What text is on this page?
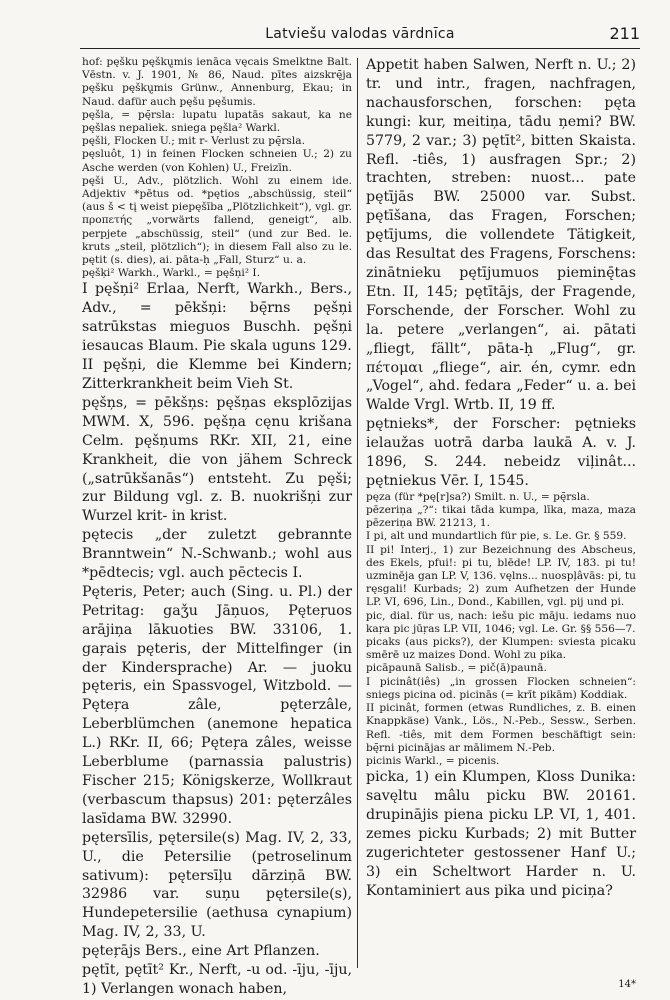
Latviešu valodas vārdnīca	211

hof: pęšku pęšku̢mis ienāca vęcais Smelktne Balt. Vēstn. v. J. 1901, № 86, Naud. pītes aizskrę̄ja pęšku pęšku̢mis Grünw., Annenburg, Ekau; in Naud. dafür auch pęšu pęšumis.

pęšla, = pę̄rsla: lupatu lupatās sakaut, ka ne pęšlas nepaliek. sniega pęšla² Warkl.

pęšli, Flocken U.; mit r- Verlust zu pę̄rsla.

pęsluôt, 1) in feinen Flocken schneien U.; 2) zu Asche werden (von Kohlen) U., Freizīn.

pęši U., Adv., plötzlich. Wohl zu einem ide. Adjektiv *pētus od. *pętios „abschüssig, steil“ (aus š < tį weist piepęšība „Plötzlichkeit“), vgl. gr. προπετής „vorwärts fallend, geneigt“, alb. perpjete „abschüssig, steil“ (und zur Bed. le. kruts „steil, plötzlich“); in diesem Fall also zu le. pętit (s. dies), ai. pāta-ḥ „Fall, Sturz“ u. a.

pęšķi² Warkh., Warkl., = pęšņi² I.

I pęšņi² Erlaa, Nerft, Warkh., Bers., Adv., = pēkšņi: bę̄rns pęšņi satrūkstas mieguos Buschh. pęšņi iesaucas Blaum. Pie skala uguns 129.

II pęšņi, die Klemme bei Kindern; Zitterkrankheit beim Vieh St.

pęšņs, = pēkšņs: pęšņas eksplōzijas MWM. X, 596. pęšņa cęnu krišana Celm. pęšņums RKr. XII, 21, eine Krankheit, die von jähem Schreck („satrūkšanās“) entsteht. Zu pęši; zur Bildung vgl. z. B. nuokrišņi zur Wurzel krit- in krist.

pętecis „der zuletzt gebrannte Branntwein“ N.-Schwanb.; wohl aus *pēdtecis; vgl. auch pēctecis I.

Pęteris, Peter; auch (Sing. u. Pl.) der Petritag: gaǯu Jāņuos, Pęteŗuos arājiņa lākuoties BW. 33106, 1. gaŗais pęteris, der Mittelfinger (in der Kindersprache) Ar. — juoku pęteris, ein Spassvogel, Witzbold. — Pęteŗa zâle, pęterzâle, Leberblümchen (anemone hepatica L.) RKr. II, 66; Pęteŗa zâles, weisse Leberblume (parnassia palustris) Fischer 215; Königskerze, Wollkraut (verbascum thapsus) 201: pęterzâles lasīdama BW. 32990.

pętersīlis, pętersile(s) Mag. IV, 2, 33, U., die Petersilie (petroselinum sativum): pętersīļu dārziņā BW. 32986 var. suņu pętersile(s), Hundepetersilie (aethusa cynapium) Mag. IV, 2, 33, U.

pęteŗājs Bers., eine Art Pflanzen.

pętīt, pętīt² Kr., Nerft, -u od. -īju, -īju, 1) Verlangen wonach haben,

Appetit haben Salwen, Nerft n. U.; 2) tr. und intr., fragen, nachfragen, nachausforschen, forschen: pęta kungi: kur, meitiņa, tādu ņemi? BW. 5779, 2 var.; 3) pętīt², bitten Skaista. Refl. -tiês, 1) ausfragen Spr.; 2) trachten, streben: nuost... pate pętījās BW. 25000 var. Subst. pętīšana, das Fragen, Forschen; pętījums, die vollendete Tätigkeit, das Resultat des Fragens, Forschens: zinātnieku pętījumuos pieminę̄tas Etn. II, 145; pętītājs, der Fragende, Forschende, der Forscher. Wohl zu la. petere „verlangen“, ai. pātati „fliegt, fällt“, pāta-ḥ „Flug“, gr. πέτομαι „fliege“, air. én, cymr. edn „Vogel“, ahd. fedara „Feder“ u. a. bei Walde Vrgl. Wrtb. II, 19 ff.

pętnieks*, der Forscher: pętnieks ielaužas uotrā darba laukā A. v. J. 1896, S. 244. nebeidz viļinât... pętniekus Vēr. I, 1545.

pęza (für *pę[r]sa?) Smilt. n. U., = pę̄rsla.

pēzeriņa „?“: tikai tāda kumpa, līka, maza, maza pēzeriņa BW. 21213, 1.

I pi, alt und mundartlich für pie, s. Le. Gr. § 559.

II pi! Interj., 1) zur Bezeichnung des Abscheus, des Ekels, pfui!: pi tu, blēde! LP. IV, 183. pi tu! uzminēja gan LP. V, 136. vęlns... nuospļâvās: pi, tu ręsgali! Kurbads; 2) zum Aufhetzen der Hunde LP. VI, 696, Lin., Dond., Kabillen, vgl. pij und pi.

pic, dial. für us, nach: iešu pic māju. iedams nuo kaŗa pic jūŗas LP. VII, 1046; vgl. Le. Gr. §§ 556—7.

picaks (aus picks?), der Klumpen: sviesta picaku smērē uz maizes Dond. Wohl zu pika.

picāpaunā Salisb., = pič(ā)paunā.

I picinât(iês) „in grossen Flocken schneien“: sniegs picina od. picinās (= krīt pikām) Koddiak.

II picinât, formen (etwas Rundliches, z. B. einen Knappkäse) Vank., Lös., N.-Peb., Sessw., Serben. Refl. -tiês, mit dem Formen beschäftigt sein: bę̄rni picinājas ar mālimem N.-Peb.

picinis Warkl., = picenis.

picka, 1) ein Klumpen, Kloss Dunika: savęltu mâlu picku BW. 20161. drupinājis piena picku LP. VI, 1, 401. zemes picku Kurbads; 2) mit Butter zugerichteter gestossener Hanf U.; 3) ein Scheltwort Harder n. U. Kontaminiert aus pika und piciņa?

14*
